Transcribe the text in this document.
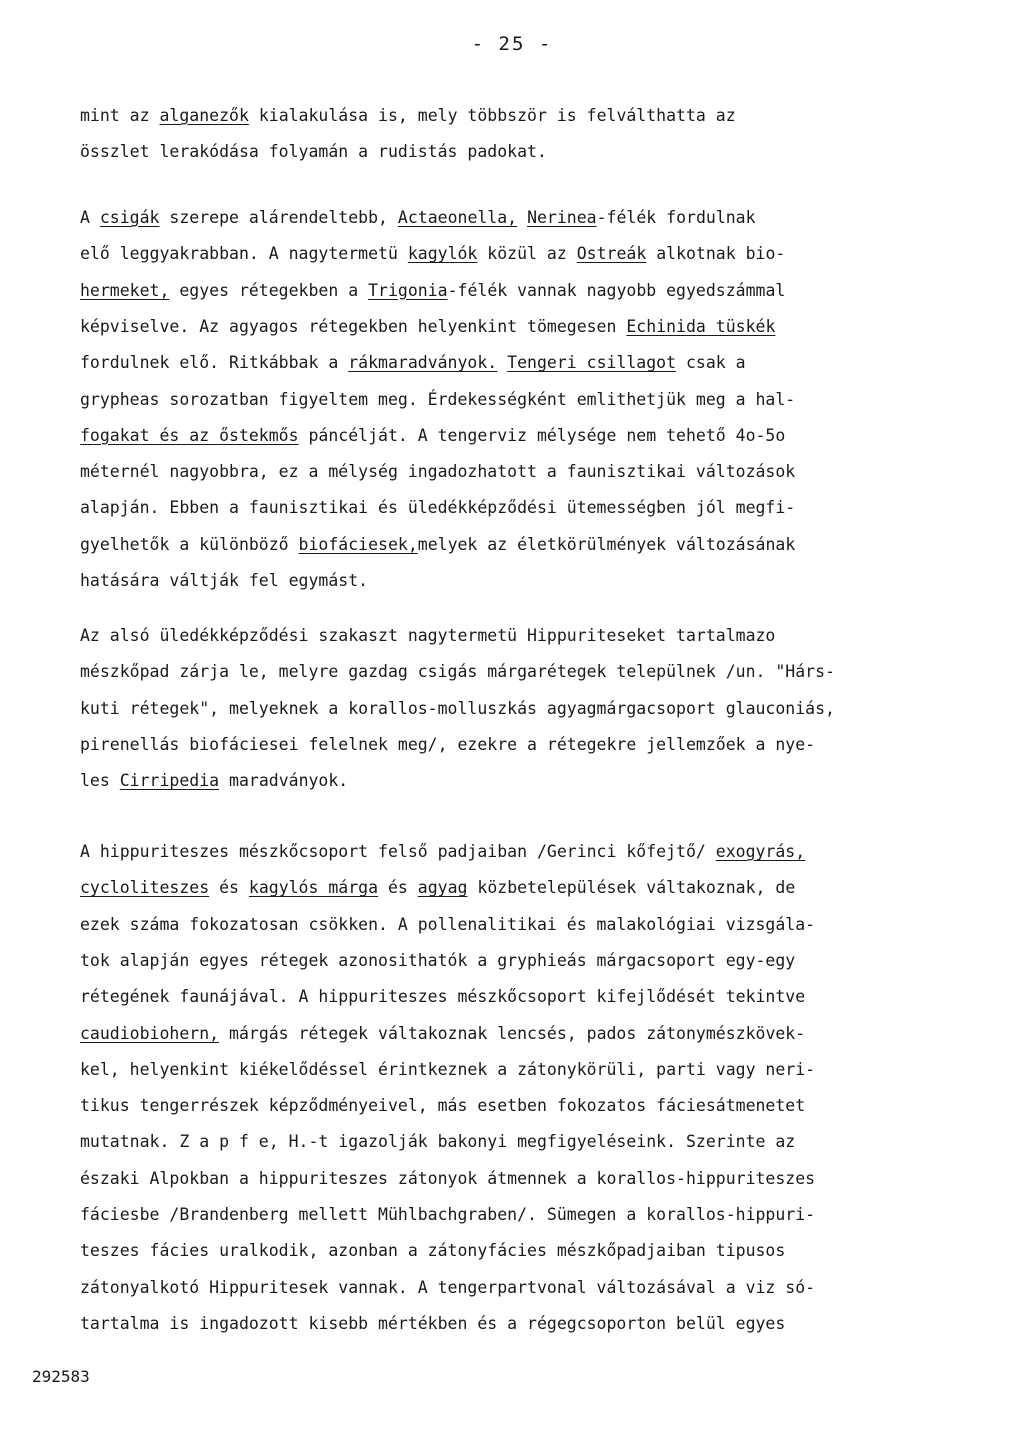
- 25 -
mint az alganezők kialakulása is, mely többször is felválthatta az
összlet lerakódása folyamán a rudistás padokat.
A csigák szerepe alárendeltebb, Actaeonella, Nerinea-félék fordulnak
elő leggyakrabban. A nagytermetü kagylók közül az Ostreák alkotnak bio-
hermeket, egyes rétegekben a Trigonia-félék vannak nagyobb egyedszámmal
képviselve. Az agyagos rétegekben helyenkint tömegesen Echinida tüskék
fordulnek elő. Ritkábbak a rákmaradványok. Tengeri csillagot csak a
grypheas sorozatban figyeltem meg. Érdekességként emlithetjük meg a hal-
fogakat és az őstekmős páncélját. A tengerviz mélysége nem tehető 4o-5o
méternél nagyobbra, ez a mélység ingadozhatott a faunisztikai változások
alapján. Ebben a faunisztikai és üledékképződési ütemességben jól megfi-
gyelhetők a különböző biofáciesek,melyek az életkörülmények változásának
hatására váltják fel egymást.
Az alsó üledékképződési szakaszt nagytermetü Hippuriteseket tartalmazo
mészkőpad zárja le, melyre gazdag csigás márgarétegek települnek /un. "Hárs-
kuti rétegek", melyeknek a korallos-molluszkás agyagmárgacsoport glauconiás,
pirenellás biofáciesei felelnek meg/, ezekre a rétegekre jellemzőek a nye-
les Cirripedia maradványok.
A hippuriteszes mészkőcsoport felső padjaiban /Gerinci kőfejtő/ exogyrás,
cycloliteszes és kagylós márga és agyag közbetelepülések váltakoznak, de
ezek száma fokozatosan csökken. A pollenalitikai és malakológiai vizsgála-
tok alapján egyes rétegek azonosithatók a gryphieás márgacsoport egy-egy
rétegének faunájával. A hippuriteszes mészkőcsoport kifejlődését tekintve
caudiobiohern, márgás rétegek váltakoznak lencsés, pados zátonymészkövek-
kel, helyenkint kiékelődéssel érintkeznek a zátonykörüli, parti vagy neri-
tikus tengerrészek képződményeivel, más esetben fokozatos fáciesátmenetet
mutatnak. Z a p f e, H.-t igazolják bakonyi megfigyeléseink. Szerinte az
északi Alpokban a hippuriteszes zátonyok átmennek a korallos-hippuriteszes
fáciesbe /Brandenberg mellett Mühlbachgraben/. Sümegen a korallos-hippuri-
teszes fácies uralkodik, azonban a zátonyfácies mészkőpadjaiban tipusos
zátonyalkotó Hippuritesek vannak. A tengerpartvonal változásával a viz só-
tartalma is ingadozott kisebb mértékben és a régegcsoporton belül egyes
292583
